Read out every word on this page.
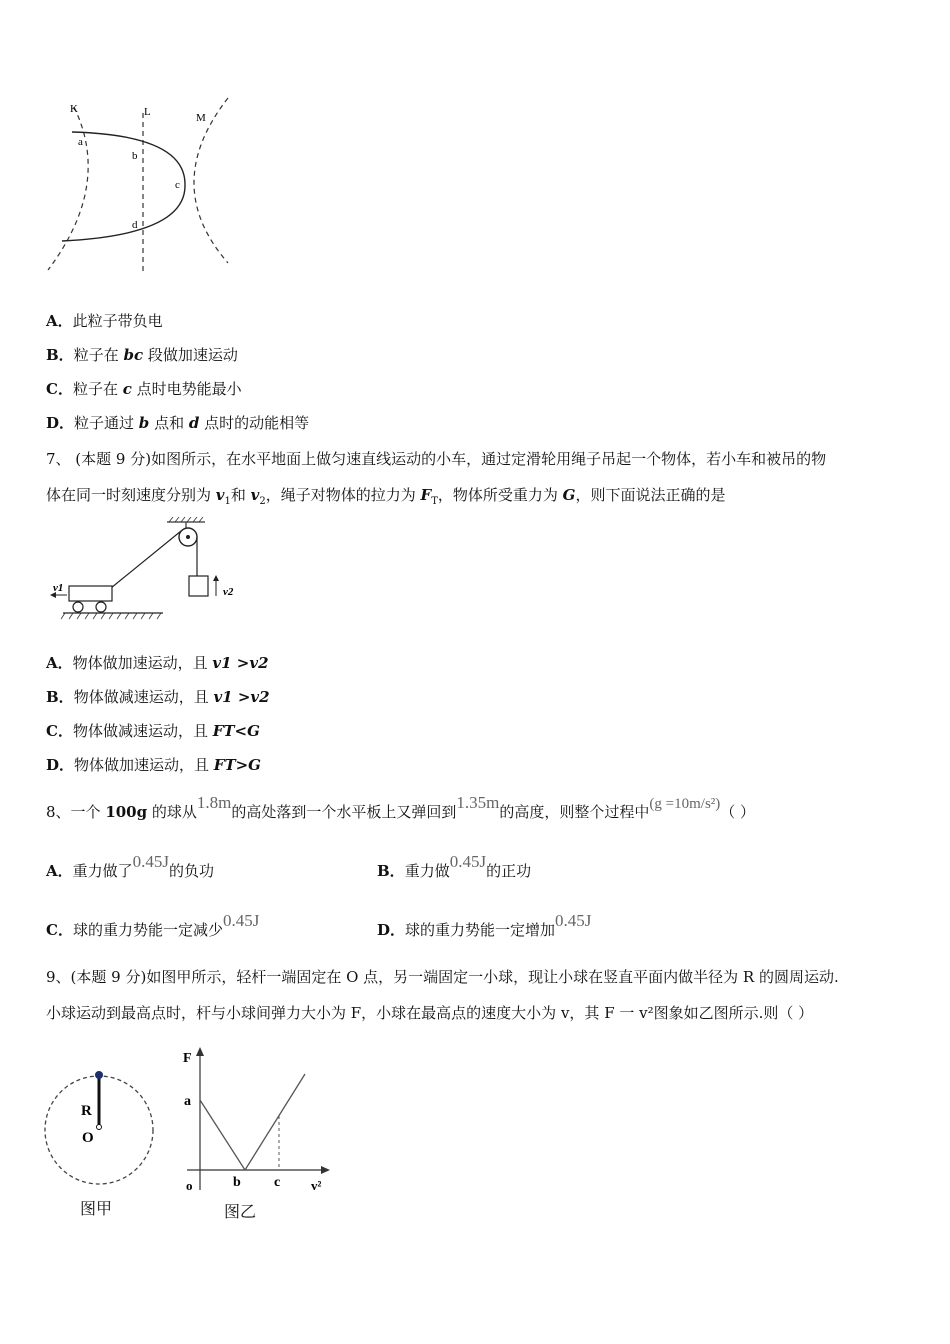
K	L	M
a
b
c
d
A．此粒子带负电
B．粒子在 bc 段做加速运动
C．粒子在 c 点时电势能最小
D．粒子通过 b 点和 d 点时的动能相等
7、 (本题 9 分)如图所示，在水平地面上做匀速直线运动的小车，通过定滑轮用绳子吊起一个物体，若小车和被吊的物
体在同一时刻速度分别为 $v_1$和 $v_2$，绳子对物体的拉力为 $F_T$，物体所受重力为 G，则下面说法正确的是
v2
v1
A．物体做加速运动，且 v1 >v2
B．物体做减速运动，且 v1 >v2
C．物体做减速运动，且 FT<G
D．物体做加速运动，且 FT>G
8、一个 100g 的球从1.8m的高处落到一个水平板上又弹回到1.35m的高度，则整个过程中(g =10m/s²)（ ）
A．重力做了0.45J的负功	B．重力做0.45J的正功
C．球的重力势能一定减少0.45J	D．球的重力势能一定增加0.45J
9、(本题 9 分)如图甲所示，轻杆一端固定在 O 点，另一端固定一小球，现让小球在竖直平面内做半径为 R 的圆周运动.
小球运动到最高点时，杆与小球间弹力大小为 F，小球在最高点的速度大小为 v，其 F 一 v²图象如乙图所示.则（ ）
R
O
图甲
F
a
o	b c v²
图乙
